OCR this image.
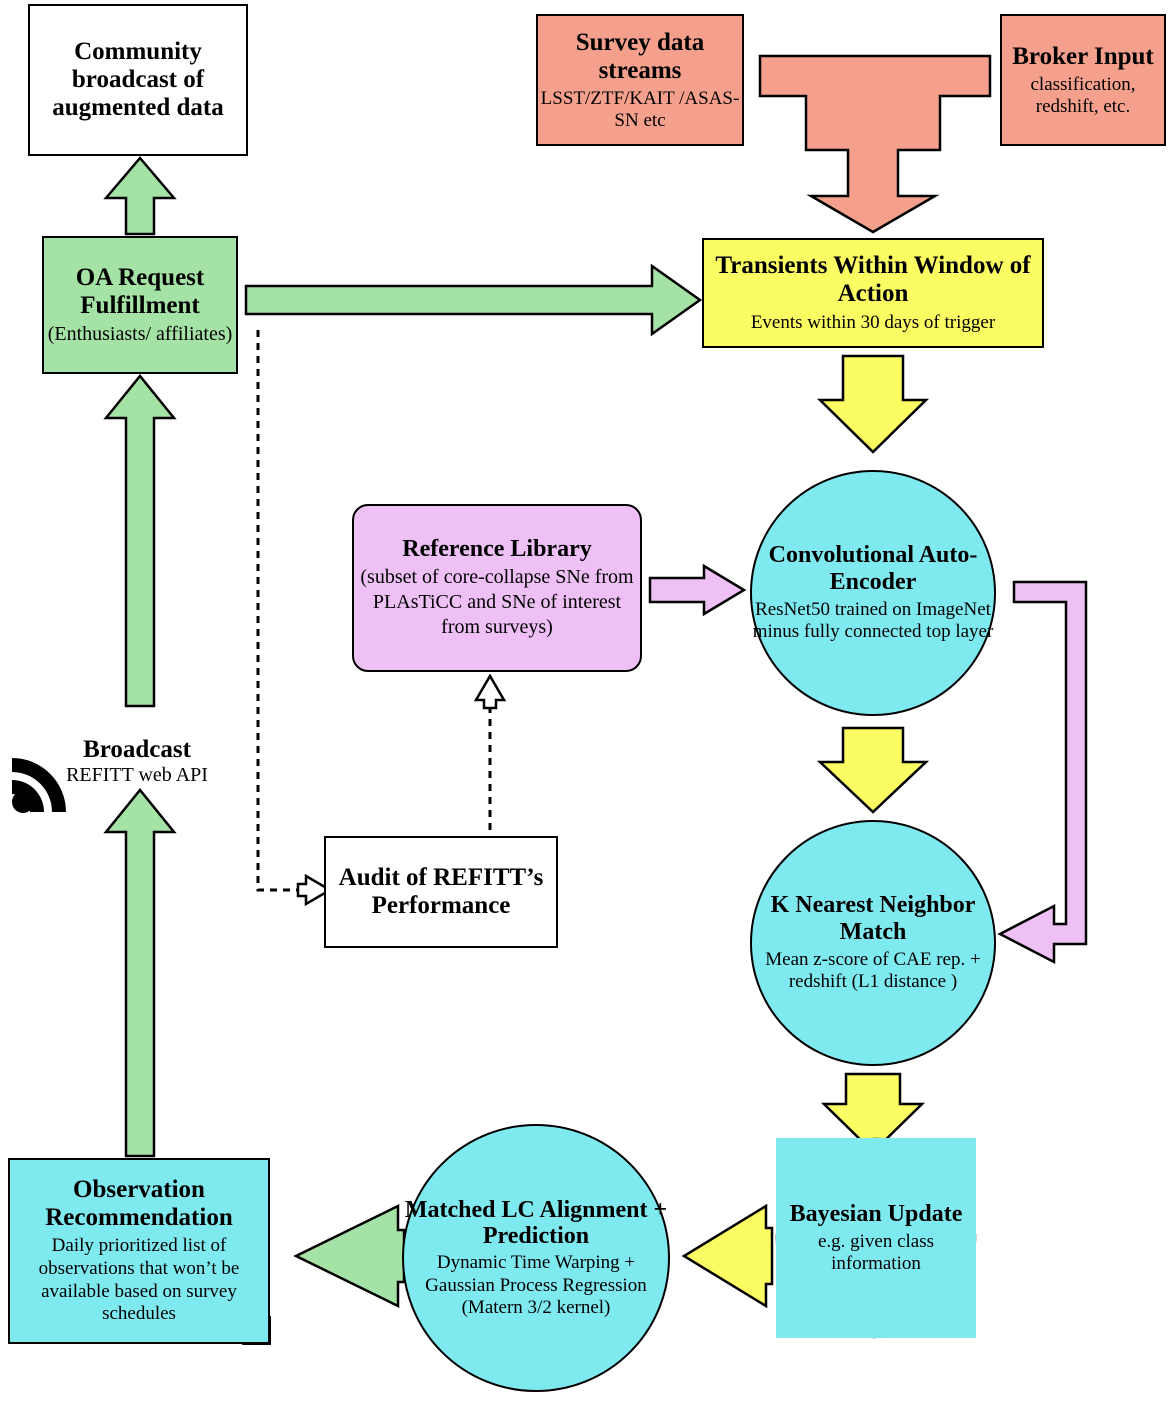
Community broadcast of augmented data
Survey data streams
LSST/ZTF/KAIT /ASAS-SN etc
Broker Input
classification, redshift, etc.
OA Request Fulfillment
(Enthusiasts/ affiliates)
Transients Within Window of Action
Events within 30 days of trigger
Reference Library
(subset of core-collapse SNe from PLAsTiCC and SNe of interest from surveys)
Convolutional Auto-Encoder
ResNet50 trained on ImageNet minus fully connected top layer
K Nearest Neighbor Match
Mean z-score of CAE rep. + redshift (L1 distance )
Broadcast
REFITT web API
Audit of REFITT’s Performance
Bayesian Update
e.g. given class information
Matched LC Alignment + Prediction
Dynamic Time Warping + Gaussian Process Regression (Matern 3/2 kernel)
Observation Recommendation
Daily prioritized list of observations that won’t be available based on survey schedules
